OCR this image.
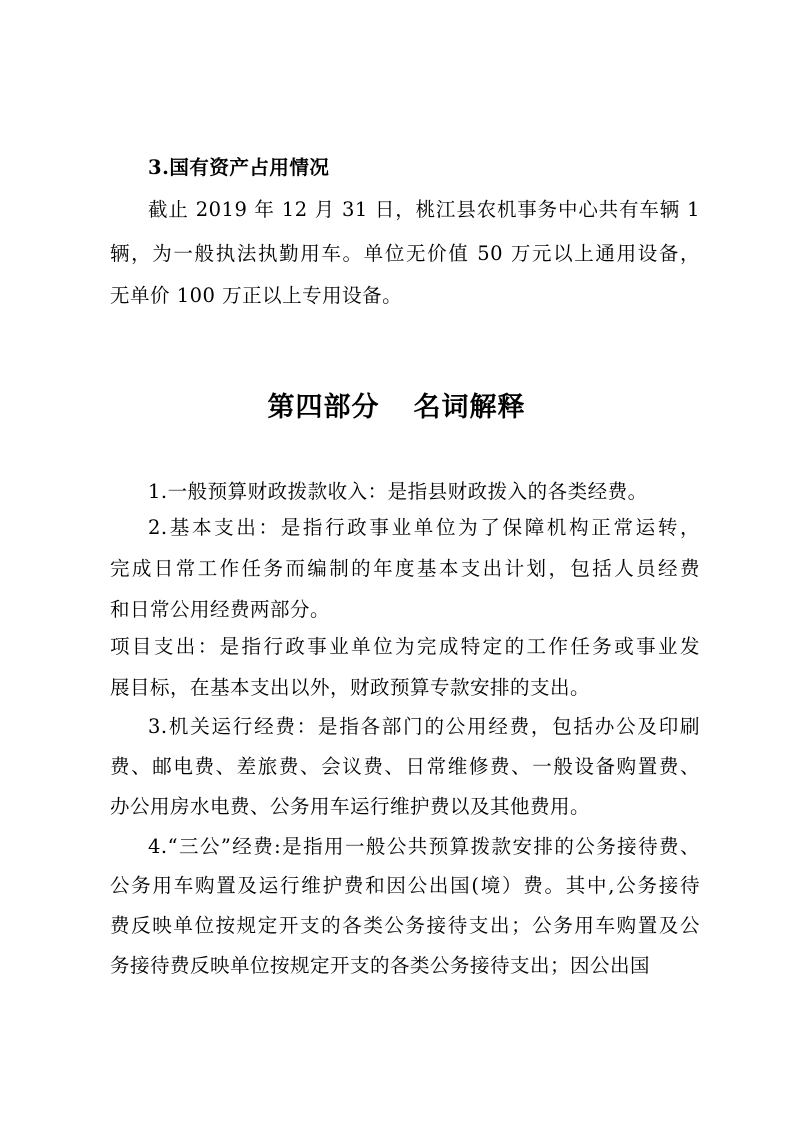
3.国有资产占用情况
截止 2019 年 12 月 31 日，桃江县农机事务中心共有车辆 1
辆，为一般执法执勤用车。单位无价值 50 万元以上通用设备，
无单价 100 万正以上专用设备。
第四部分 名词解释
1.一般预算财政拨款收入：是指县财政拨入的各类经费。
2.基本支出：是指行政事业单位为了保障机构正常运转，
完成日常工作任务而编制的年度基本支出计划，包括人员经费
和日常公用经费两部分。
项目支出：是指行政事业单位为完成特定的工作任务或事业发
展目标，在基本支出以外，财政预算专款安排的支出。
3.机关运行经费：是指各部门的公用经费，包括办公及印刷
费、邮电费、差旅费、会议费、日常维修费、一般设备购置费、
办公用房水电费、公务用车运行维护费以及其他费用。
4.“三公”经费:是指用一般公共预算拨款安排的公务接待费、
公务用车购置及运行维护费和因公出国(境）费。其中,公务接待
费反映单位按规定开支的各类公务接待支出；公务用车购置及公
务接待费反映单位按规定开支的各类公务接待支出；因公出国
